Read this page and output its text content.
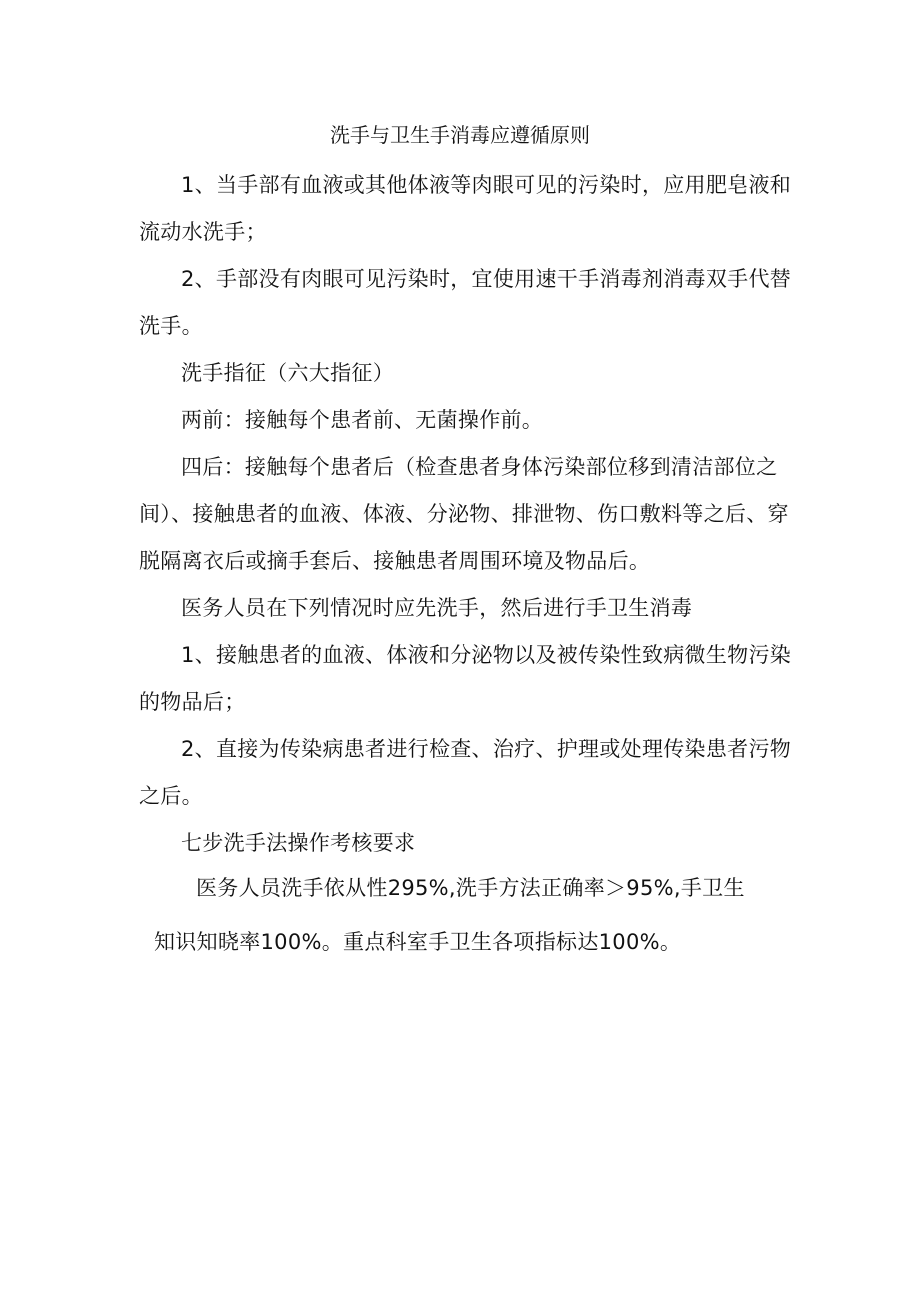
洗手与卫生手消毒应遵循原则

1、当手部有血液或其他体液等肉眼可见的污染时，应用肥皂液和流动水洗手；

2、手部没有肉眼可见污染时，宜使用速干手消毒剂消毒双手代替洗手。

洗手指征（六大指征）

两前：接触每个患者前、无菌操作前。

四后：接触每个患者后（检查患者身体污染部位移到清洁部位之间）、接触患者的血液、体液、分泌物、排泄物、伤口敷料等之后、穿脱隔离衣后或摘手套后、接触患者周围环境及物品后。

医务人员在下列情况时应先洗手，然后进行手卫生消毒

1、接触患者的血液、体液和分泌物以及被传染性致病微生物污染的物品后；

2、直接为传染病患者进行检查、治疗、护理或处理传染患者污物之后。

七步洗手法操作考核要求

医务人员洗手依从性295%,洗手方法正确率＞95%,手卫生

知识知晓率100%。重点科室手卫生各项指标达100%。
